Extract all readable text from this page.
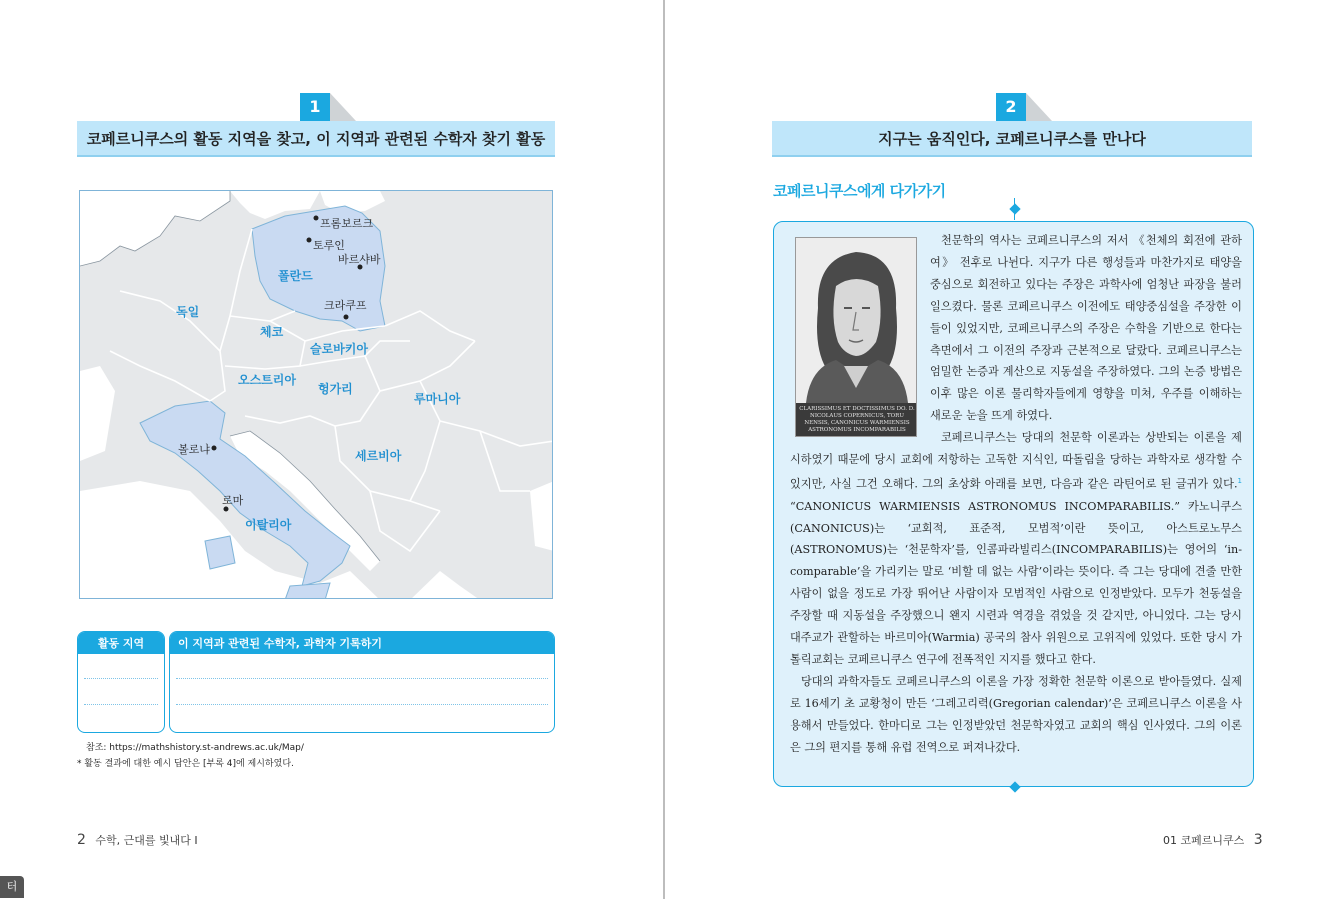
1
코페르니쿠스의 활동 지역을 찾고, 이 지역과 관련된 수학자 찾기 활동
독일
폴란드
체코
슬로바키아
오스트리아
헝가리
루마니아
세르비아
이탈리아
프롬보르크
토루인
바르샤바
크라쿠프
볼로냐
로마
활동 지역	이 지역과 관련된 수학자, 과학자 기록하기
참조: https://mathshistory.st-andrews.ac.uk/Map/
* 활동 결과에 대한 예시 답안은 [부록 4]에 제시하였다.
2 수학, 근대를 빛내다 Ⅰ
2
지구는 움직인다, 코페르니쿠스를 만나다
코페르니쿠스에게 다가가기
CLARISSIMUS ET DOCTISSIMUS DO. D. NICOLAUS COPERNICUS, TORU NENSIS, CANONICUS WARMIENSIS ASTRONOMUS INCOMPARABILIS

천문학의 역사는 코페르니쿠스의 저서 《천체의 회전에 관하여》 전후로 나뉜다. 지구가 다른 행성들과 마찬가지로 태양을 중심으로 회전하고 있다는 주장은 과학사에 엄청난 파장을 불러일으켰다. 물론 코페르니쿠스 이전에도 태양중심설을 주장한 이들이 있었지만, 코페르니쿠스의 주장은 수학을 기반으로 한다는 측면에서 그 이전의 주장과 근본적으로 달랐다. 코페르니쿠스는 엄밀한 논증과 계산으로 지동설을 주장하였다. 그의 논증 방법은 이후 많은 이론 물리학자들에게 영향을 미쳐, 우주를 이해하는 새로운 눈을 뜨게 하였다.

코페르니쿠스는 당대의 천문학 이론과는 상반되는 이론을 제시하였기 때문에 당시 교회에 저항하는 고독한 지식인, 따돌림을 당하는 과학자로 생각할 수 있지만, 사실 그건 오해다. 그의 초상화 아래를 보면, 다음과 같은 라틴어로 된 글귀가 있다.$^1$ “CANONICUS WARMIENSIS ASTRONOMUS INCOMPARABILIS.” 카노니쿠스(CANONICUS)는 ‘교회적, 표준적, 모범적’이란 뜻이고, 아스트로노무스(ASTRONOMUS)는 ‘천문학자’를, 인콤파라빌리스(INCOMPARABILIS)는 영어의 ‘in-comparable’을 가리키는 말로 ‘비할 데 없는 사람’이라는 뜻이다. 즉 그는 당대에 견줄 만한 사람이 없을 정도로 가장 뛰어난 사람이자 모범적인 사람으로 인정받았다. 모두가 천동설을 주장할 때 지동설을 주장했으니 왠지 시련과 역경을 겪었을 것 같지만, 아니었다. 그는 당시 대주교가 관할하는 바르미아(Warmia) 공국의 참사 위원으로 고위직에 있었다. 또한 당시 가톨릭교회는 코페르니쿠스 연구에 전폭적인 지지를 했다고 한다.

당대의 과학자들도 코페르니쿠스의 이론을 가장 정확한 천문학 이론으로 받아들였다. 실제로 16세기 초 교황청이 만든 ‘그레고리력(Gregorian calendar)’은 코페르니쿠스 이론을 사용해서 만들었다. 한마디로 그는 인정받았던 천문학자였고 교회의 핵심 인사였다. 그의 이론은 그의 편지를 통해 유럽 전역으로 퍼져나갔다.

01 코페르니쿠스 3
터
